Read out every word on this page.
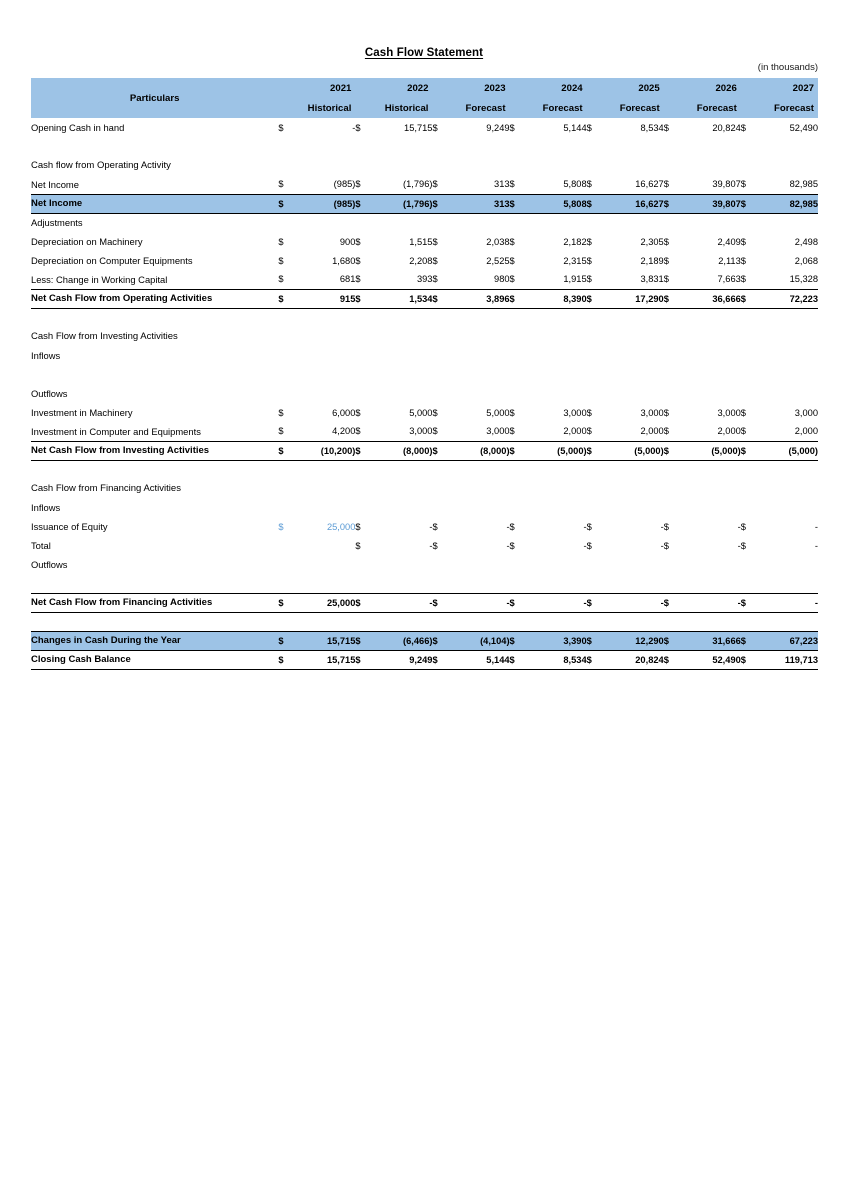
Cash Flow Statement
(in thousands)
Particulars	2021		2022		2023		2024		2025		2026		2027	
	Historical		Historical		Forecast		Forecast		Forecast		Forecast		Forecast	
Opening Cash in hand	$	-	$	15,715	$	9,249	$	5,144	$	8,534	$	20,824	$	52,490

Cash flow from Operating Activity														
Net Income	$	(985)	$	(1,796)	$	313	$	5,808	$	16,627	$	39,807	$	82,985
Net Income	$	(985)	$	(1,796)	$	313	$	5,808	$	16,627	$	39,807	$	82,985
Adjustments														
Depreciation on Machinery	$	900	$	1,515	$	2,038	$	2,182	$	2,305	$	2,409	$	2,498
Depreciation on Computer Equipments	$	1,680	$	2,208	$	2,525	$	2,315	$	2,189	$	2,113	$	2,068
Less: Change in Working Capital	$	681	$	393	$	980	$	1,915	$	3,831	$	7,663	$	15,328
Net Cash Flow from Operating Activities	$	915	$	1,534	$	3,896	$	8,390	$	17,290	$	36,666	$	72,223

Cash Flow from Investing Activities														
Inflows														

Outflows														
Investment in Machinery	$	6,000	$	5,000	$	5,000	$	3,000	$	3,000	$	3,000	$	3,000
Investment in Computer and Equipments	$	4,200	$	3,000	$	3,000	$	2,000	$	2,000	$	2,000	$	2,000
Net Cash Flow from Investing Activities	$	(10,200)	$	(8,000)	$	(8,000)	$	(5,000)	$	(5,000)	$	(5,000)	$	(5,000)

Cash Flow from Financing Activities														
Inflows														
Issuance of Equity	$	25,000	$	-	$	-	$	-	$	-	$	-	$	-
Total			$	-	$	-	$	-	$	-	$	-	$	-
Outflows														

Net Cash Flow from Financing Activities	$	25,000	$	-	$	-	$	-	$	-	$	-	$	-

Changes in Cash During the Year	$	15,715	$	(6,466)	$	(4,104)	$	3,390	$	12,290	$	31,666	$	67,223
Closing Cash Balance	$	15,715	$	9,249	$	5,144	$	8,534	$	20,824	$	52,490	$	119,713
